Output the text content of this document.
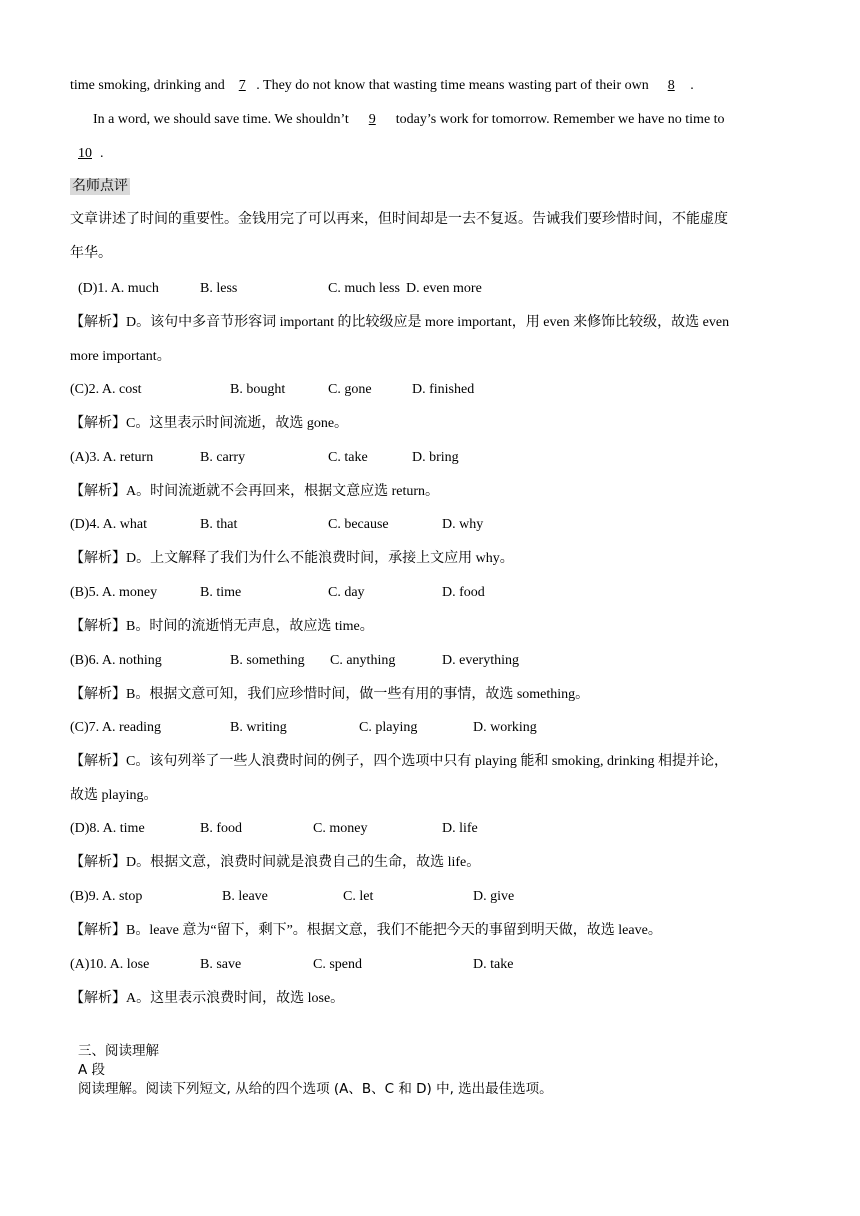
time smoking, drinking and 7 . They do not know that wasting time means wasting part of their own 8 .
In a word, we should save time. We shouldn’t 9 today’s work for tomorrow. Remember we have no time to
10 .
名师点评
文章讲述了时间的重要性。金钱用完了可以再来，但时间却是一去不复返。告诫我们要珍惜时间，不能虚度
年华。
(D)1. A. much	B. less	C. much less D. even more
【解析】D。该句中多音节形容词 important 的比较级应是 more important，用 even 来修饰比较级，故选 even
more important。
(C)2. A. cost	B. bought	C. gone	D. finished
【解析】C。这里表示时间流逝，故选 gone。
(A)3. A. return	B. carry	C. take	D. bring
【解析】A。时间流逝就不会再回来，根据文意应选 return。
(D)4. A. what	B. that	C. because	D. why
【解析】D。上文解释了我们为什么不能浪费时间，承接上文应用 why。
(B)5. A. money	B. time	C. day	D. food
【解析】B。时间的流逝悄无声息，故应选 time。
(B)6. A. nothing	B. something C. anything	D. everything
【解析】B。根据文意可知，我们应珍惜时间，做一些有用的事情，故选 something。
(C)7. A. reading	B. writing	C. playing	D. working
【解析】C。该句列举了一些人浪费时间的例子，四个选项中只有 playing 能和 smoking, drinking 相提并论，
故选 playing。
(D)8. A. time	B. food	C. money	D. life
【解析】D。根据文意，浪费时间就是浪费自己的生命，故选 life。
(B)9. A. stop	B. leave	C. let	D. give
【解析】B。leave 意为“留下，剩下”。根据文意，我们不能把今天的事留到明天做，故选 leave。
(A)10. A. lose	B. save	C. spend	D. take
【解析】A。这里表示浪费时间，故选 lose。
三、阅读理解
A 段
阅读理解。阅读下列短文, 从给的四个选项 (A、B、C 和 D) 中, 选出最佳选项。
